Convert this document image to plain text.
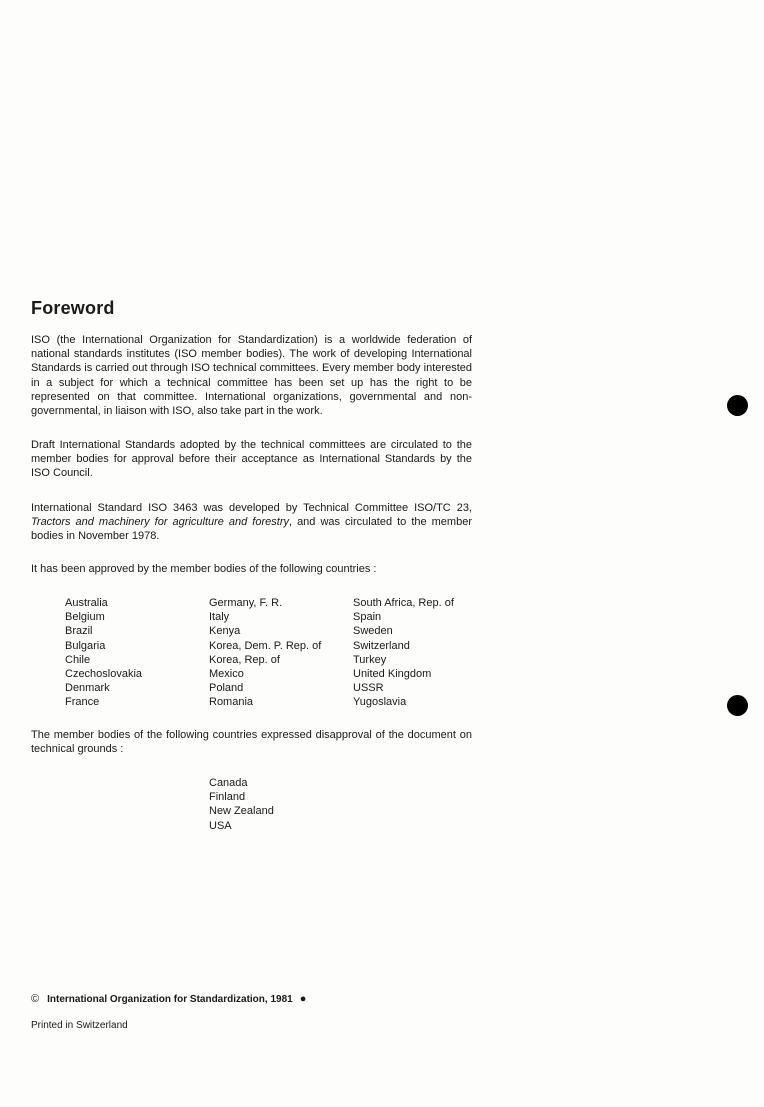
Foreword

ISO (the International Organization for Standardization) is a worldwide federation of national standards institutes (ISO member bodies). The work of developing International Standards is carried out through ISO technical committees. Every member body interested in a subject for which a technical committee has been set up has the right to be represented on that committee. International organizations, governmental and non-governmental, in liaison with ISO, also take part in the work.

Draft International Standards adopted by the technical committees are circulated to the member bodies for approval before their acceptance as International Standards by the ISO Council.

International Standard ISO 3463 was developed by Technical Committee ISO/TC 23, Tractors and machinery for agriculture and forestry, and was circulated to the member bodies in November 1978.

It has been approved by the member bodies of the following countries :

Australia
Belgium
Brazil
Bulgaria
Chile
Czechoslovakia
Denmark
France
Germany, F. R.
Italy
Kenya
Korea, Dem. P. Rep. of
Korea, Rep. of
Mexico
Poland
Romania
South Africa, Rep. of
Spain
Sweden
Switzerland
Turkey
United Kingdom
USSR
Yugoslavia

The member bodies of the following countries expressed disapproval of the document on technical grounds :

Canada
Finland
New Zealand
USA
© International Organization for Standardization, 1981 ●
Printed in Switzerland
